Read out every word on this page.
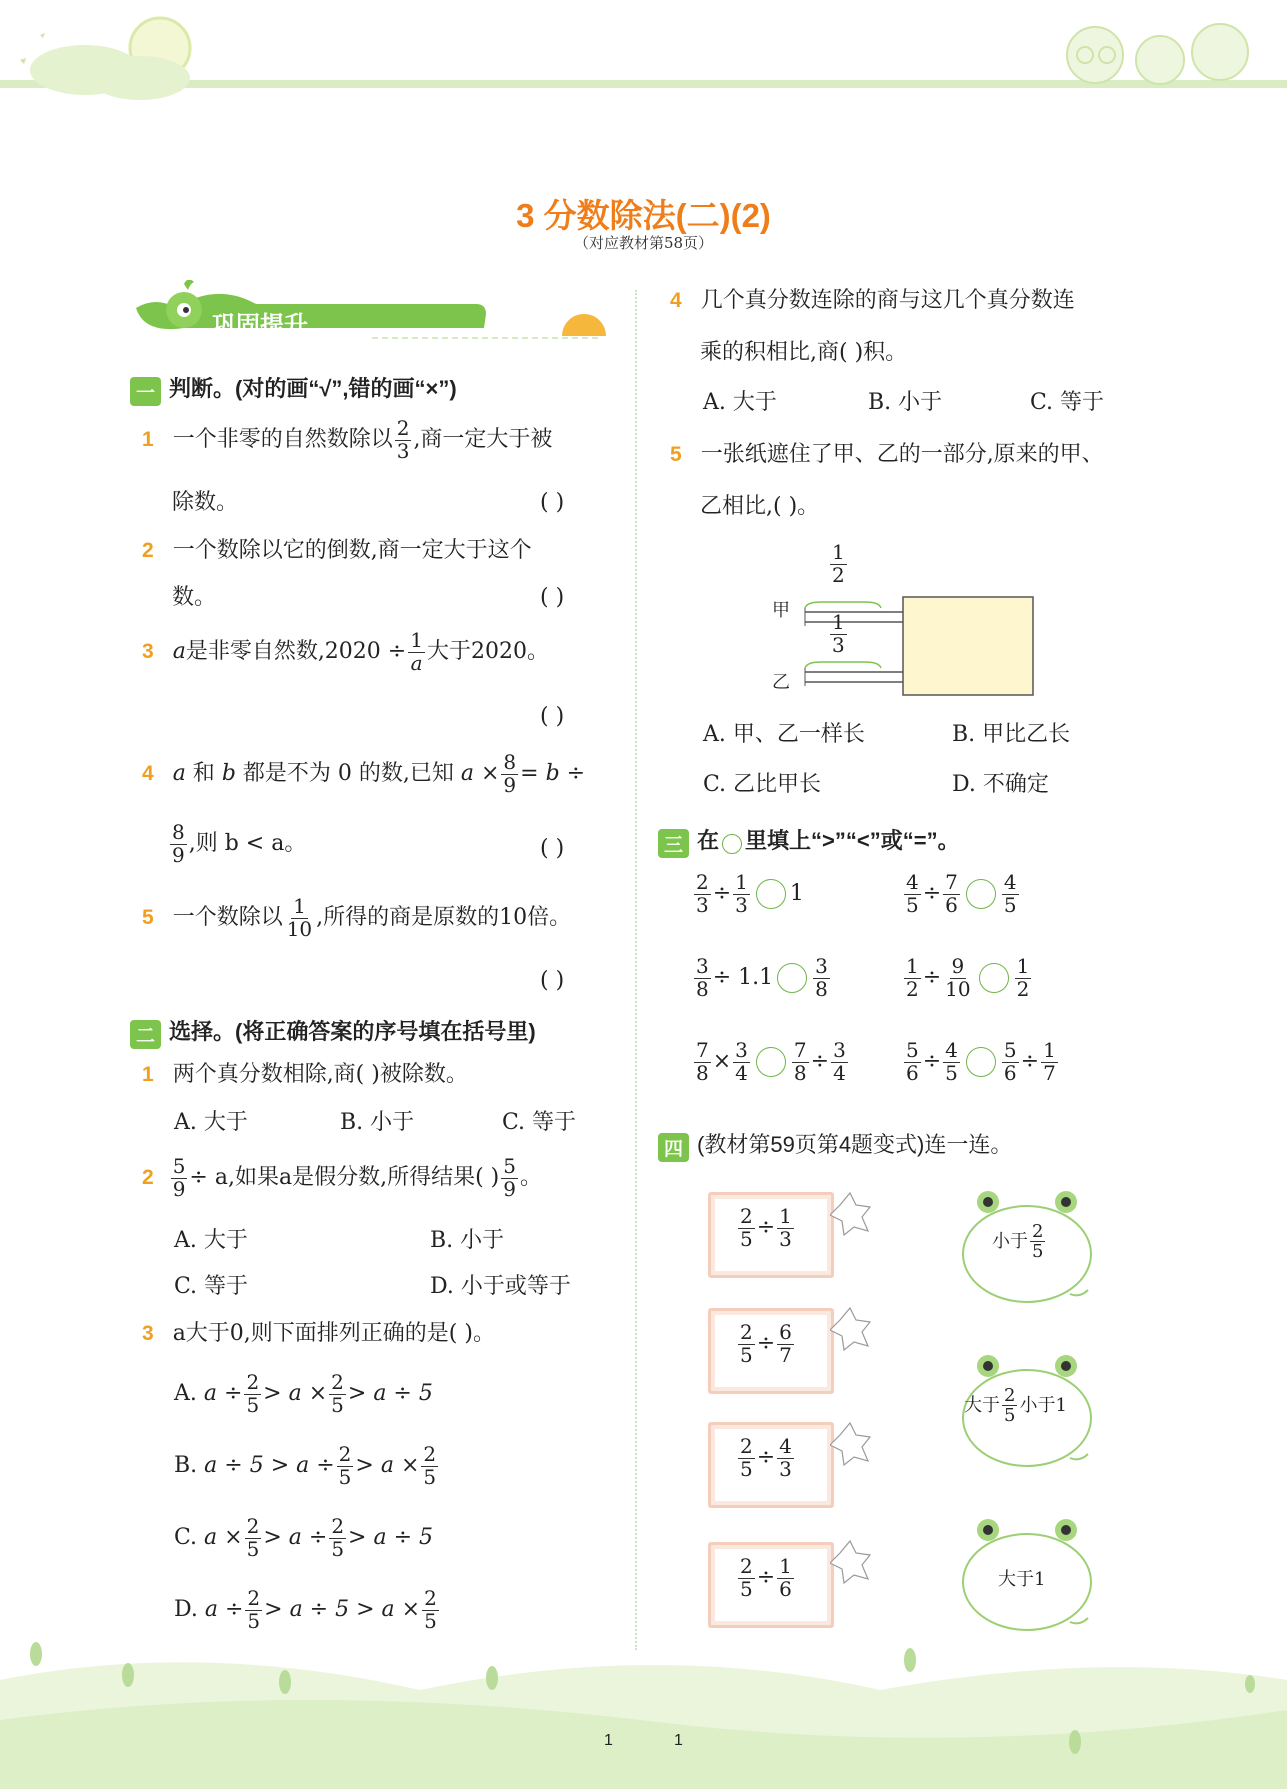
3 分数除法(二)(2)
（对应教材第58页）
巩固提升
一 判断。(对的画“√”,错的画“×”)
1 一个非零的自然数除以 $\frac{2}{3}$ ,商一定大于被
除数。	( )
2 一个数除以它的倒数,商一定大于这个
数。	( )
3 a是非零自然数$,2020 \div \frac{1}{a}$ 大于2020。
( )
4 a 和 b 都是不为 0 的数,已知 $a \times \frac{8}{9} = b$ ÷
$\frac{8}{9}$ ,则 b < a。	( )
5 一个数除以 $\frac{1}{10}$ ,所得的商是原数的10倍。
( )
二 选择。(将正确答案的序号填在括号里)
1 两个真分数相除,商( )被除数。
A. 大于	B. 小于	C. 等于
$2 \frac{5}{9} \div a$,如果a是假分数,所得结果( ) $\frac{5}{9}$ 。
A. 大于	B. 小于
C. 等于	D. 小于或等于
3 a大于0,则下面排列正确的是( )。
A. $a \div \frac{2}{5} > a \times \frac{2}{5} > a \div 5$
B. $a \div 5 > a \div \frac{2}{5} > a \times \frac{2}{5}$
C. $a \times \frac{2}{5} > a \div \frac{2}{5} > a \div 5$
D. $a \div \frac{2}{5} > a \div 5 > a \times \frac{2}{5}$
4 几个真分数连除的商与这几个真分数连
乘的积相比,商( )积。
A. 大于	B. 小于	C. 等于
5 一张纸遮住了甲、乙的一部分,原来的甲、
乙相比,( )。
甲
乙
$\frac{1}{2}$
$\frac{1}{3}$
A. 甲、乙一样长	B. 甲比乙长
C. 乙比甲长	D. 不确定
三 在 里填上“>”“<”或“=”。
$\frac{2}{3} \div \frac{1}{3} 1$	$\frac{4}{5} \div \frac{7}{6} \frac{4}{5}$
$\frac{3}{8} \div 1.1 \frac{3}{8}$	$\frac{1}{2} \div \frac{9}{10} \frac{1}{2}$
$\frac{7}{8} \times \frac{3}{4} \frac{7}{8} \div \frac{3}{4}$	$\frac{5}{6} \div \frac{4}{5} \frac{5}{6} \div \frac{1}{7}$
四 (教材第59页第4题变式)连一连。
$\frac{2}{5} \div \frac{1}{3}$
$\frac{2}{5} \div \frac{6}{7}$
$\frac{2}{5} \div \frac{4}{3}$
$\frac{2}{5} \div \frac{1}{6}$
小于 $\frac{2}{5}$
大于 $\frac{2}{5}$ 小于1
大于1
1	1
